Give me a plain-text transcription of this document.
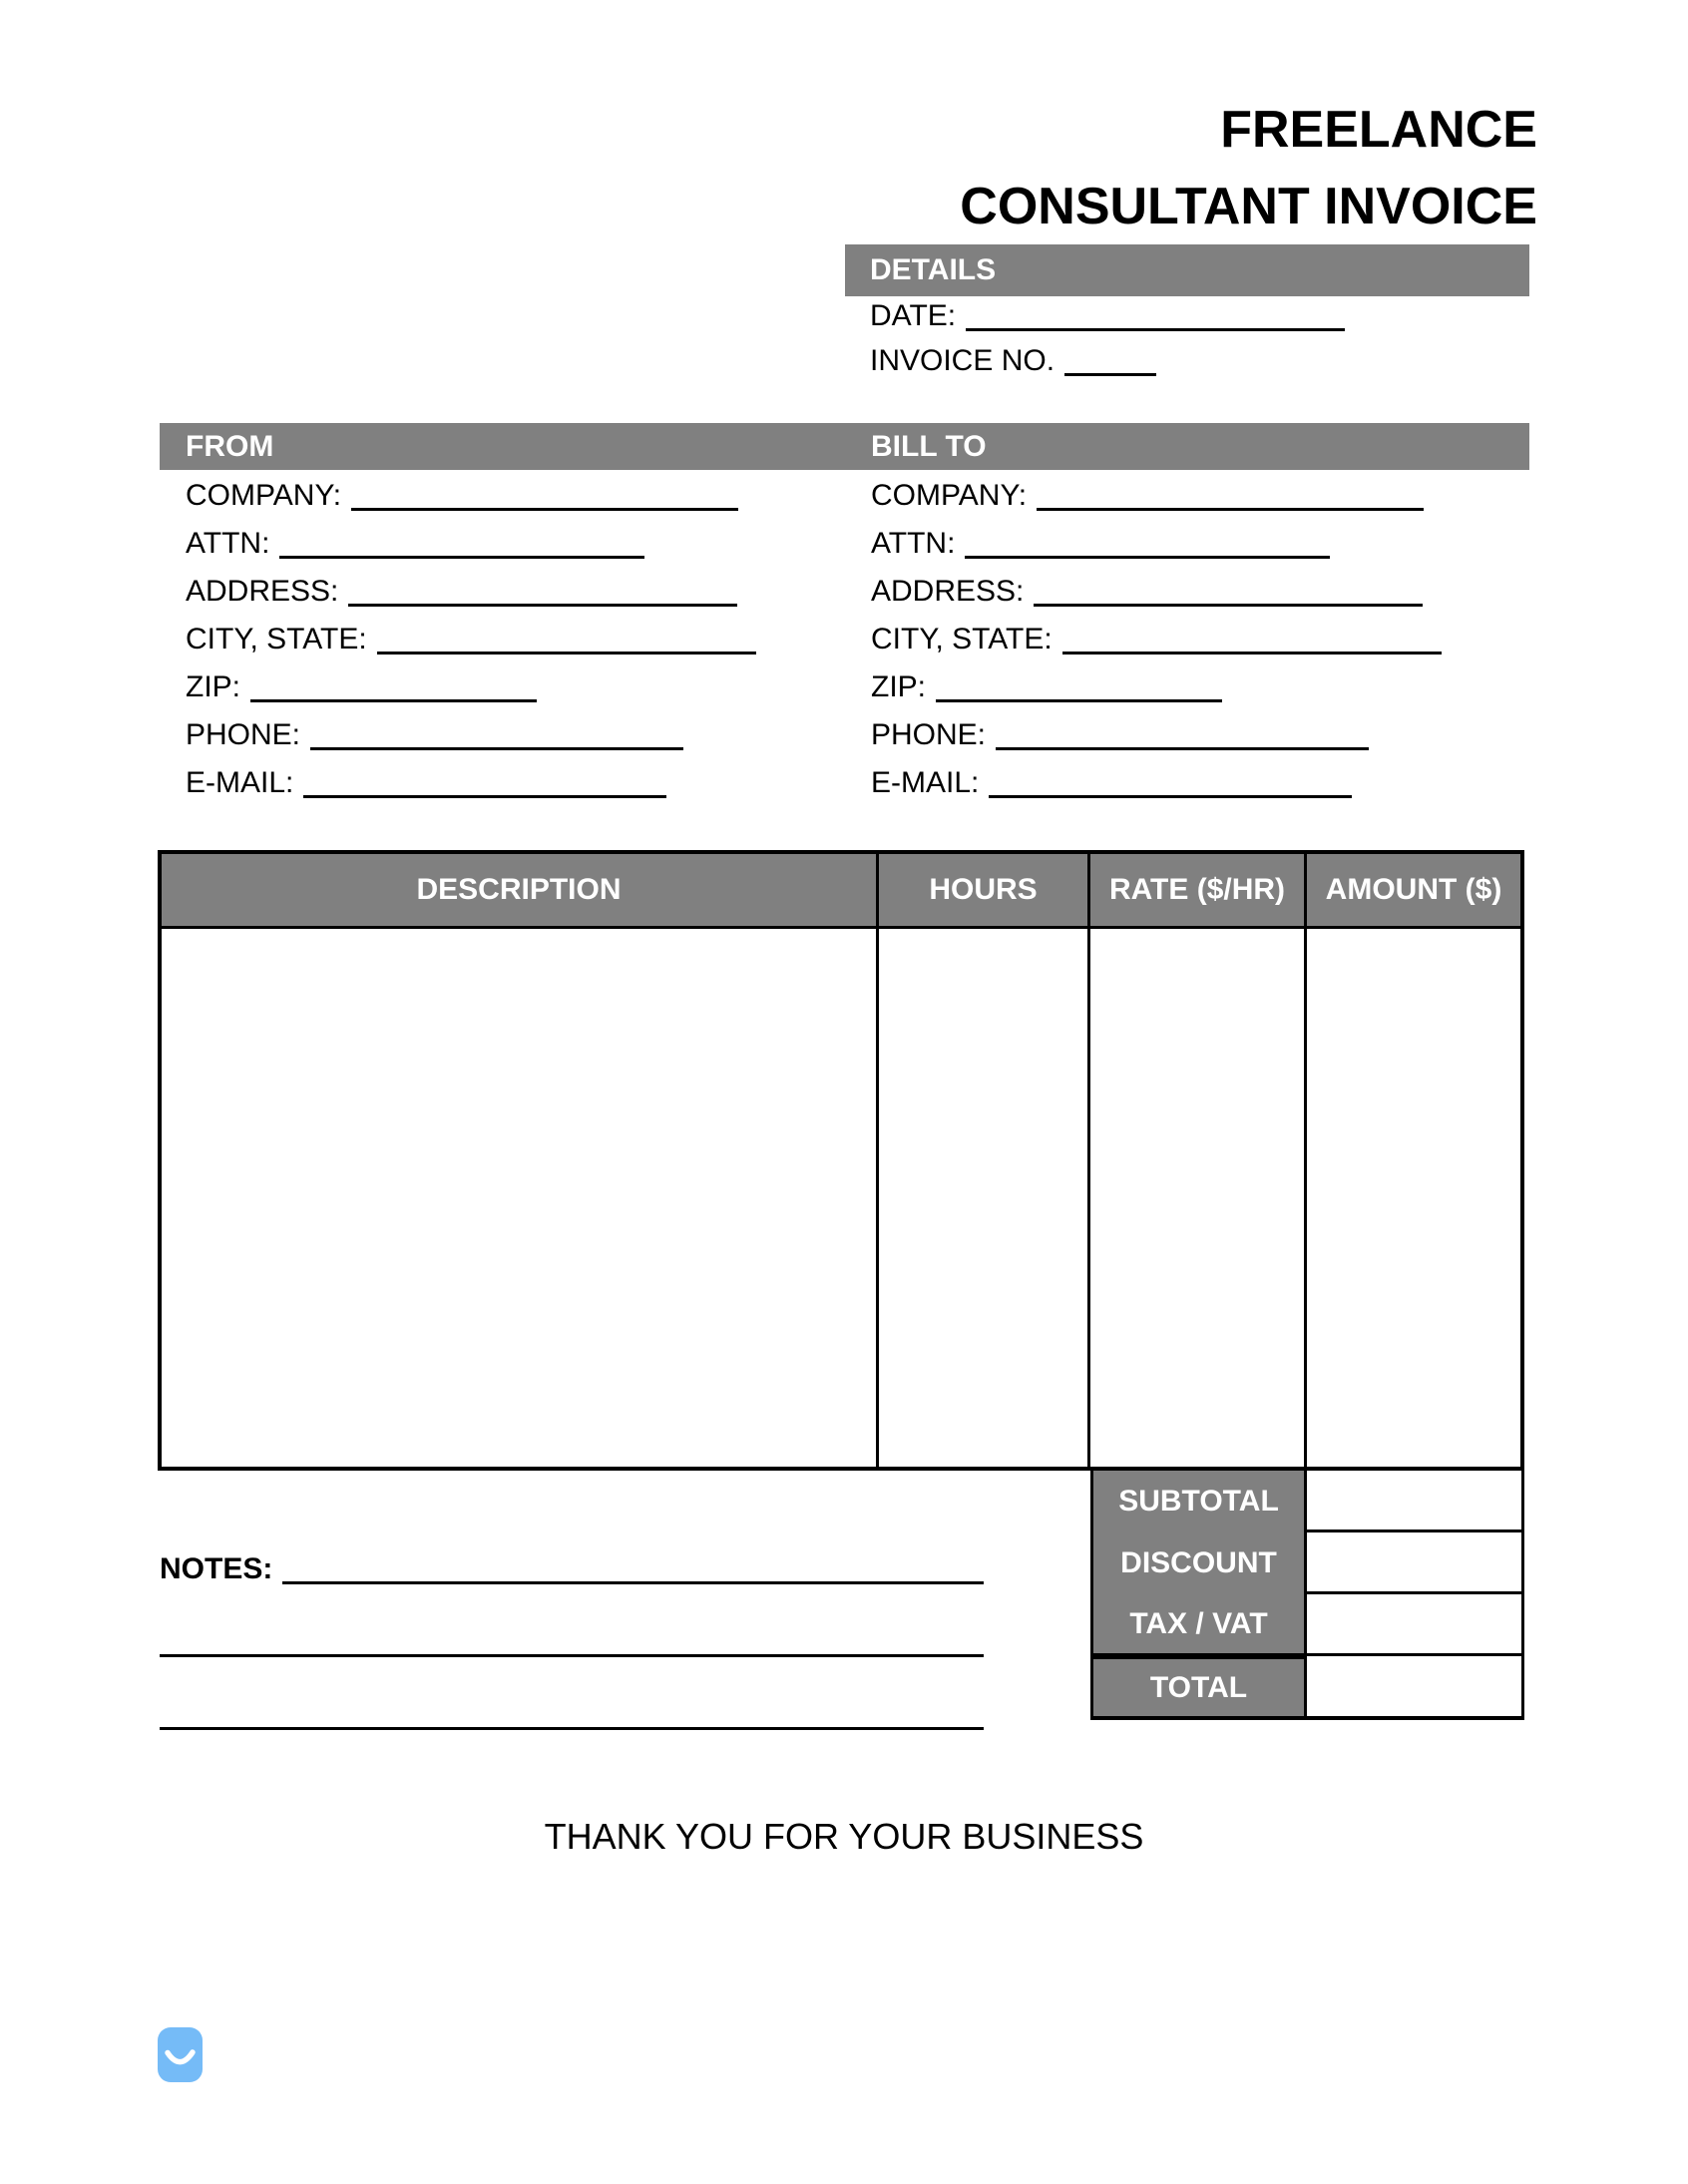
FREELANCE
CONSULTANT INVOICE
DETAILS
DATE:
INVOICE NO.
FROM
COMPANY:
ATTN:
ADDRESS:
CITY, STATE:
ZIP:
PHONE:
E-MAIL:
BILL TO
COMPANY:
ATTN:
ADDRESS:
CITY, STATE:
ZIP:
PHONE:
E-MAIL:
DESCRIPTION	HOURS	RATE ($/HR)	AMOUNT ($)
SUBTOTAL
DISCOUNT
TAX / VAT
TOTAL
NOTES:
THANK YOU FOR YOUR BUSINESS
